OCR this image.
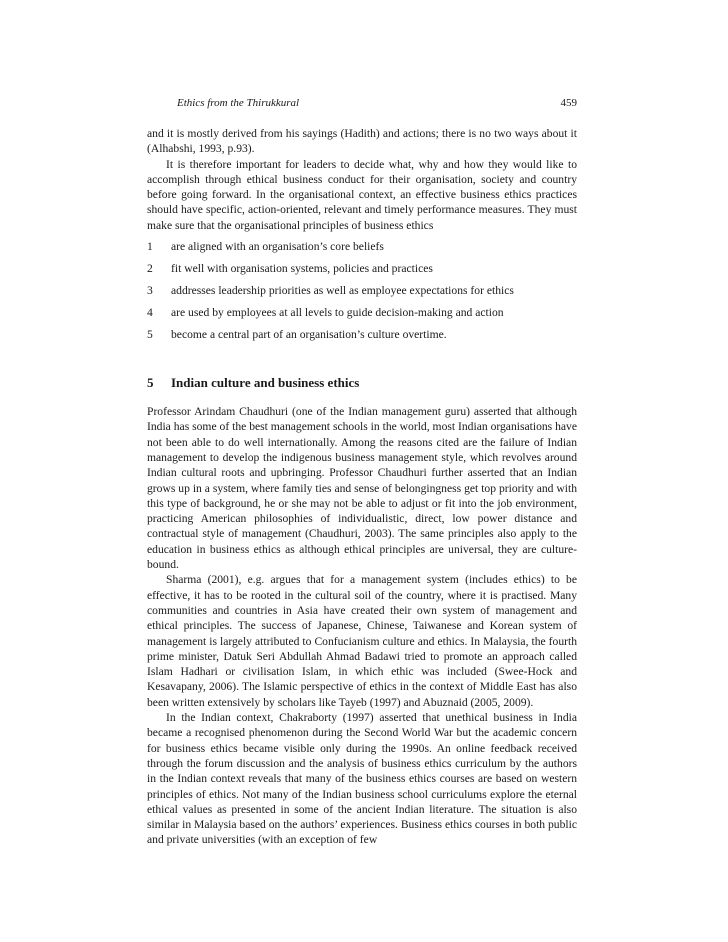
Ethics from the Thirukkural	459

and it is mostly derived from his sayings (Hadith) and actions; there is no two ways about it (Alhabshi, 1993, p.93).

It is therefore important for leaders to decide what, why and how they would like to accomplish through ethical business conduct for their organisation, society and country before going forward. In the organisational context, an effective business ethics practices should have specific, action-oriented, relevant and timely performance measures. They must make sure that the organisational principles of business ethics

1 are aligned with an organisation’s core beliefs
2 fit well with organisation systems, policies and practices
3 addresses leadership priorities as well as employee expectations for ethics
4 are used by employees at all levels to guide decision-making and action
5 become a central part of an organisation’s culture overtime.
5 Indian culture and business ethics

Professor Arindam Chaudhuri (one of the Indian management guru) asserted that although India has some of the best management schools in the world, most Indian organisations have not been able to do well internationally. Among the reasons cited are the failure of Indian management to develop the indigenous business management style, which revolves around Indian cultural roots and upbringing. Professor Chaudhuri further asserted that an Indian grows up in a system, where family ties and sense of belongingness get top priority and with this type of background, he or she may not be able to adjust or fit into the job environment, practicing American philosophies of individualistic, direct, low power distance and contractual style of management (Chaudhuri, 2003). The same principles also apply to the education in business ethics as although ethical principles are universal, they are culture-bound.

Sharma (2001), e.g. argues that for a management system (includes ethics) to be effective, it has to be rooted in the cultural soil of the country, where it is practised. Many communities and countries in Asia have created their own system of management and ethical principles. The success of Japanese, Chinese, Taiwanese and Korean system of management is largely attributed to Confucianism culture and ethics. In Malaysia, the fourth prime minister, Datuk Seri Abdullah Ahmad Badawi tried to promote an approach called Islam Hadhari or civilisation Islam, in which ethic was included (Swee-Hock and Kesavapany, 2006). The Islamic perspective of ethics in the context of Middle East has also been written extensively by scholars like Tayeb (1997) and Abuznaid (2005, 2009).

In the Indian context, Chakraborty (1997) asserted that unethical business in India became a recognised phenomenon during the Second World War but the academic concern for business ethics became visible only during the 1990s. An online feedback received through the forum discussion and the analysis of business ethics curriculum by the authors in the Indian context reveals that many of the business ethics courses are based on western principles of ethics. Not many of the Indian business school curriculums explore the eternal ethical values as presented in some of the ancient Indian literature. The situation is also similar in Malaysia based on the authors’ experiences. Business ethics courses in both public and private universities (with an exception of few
